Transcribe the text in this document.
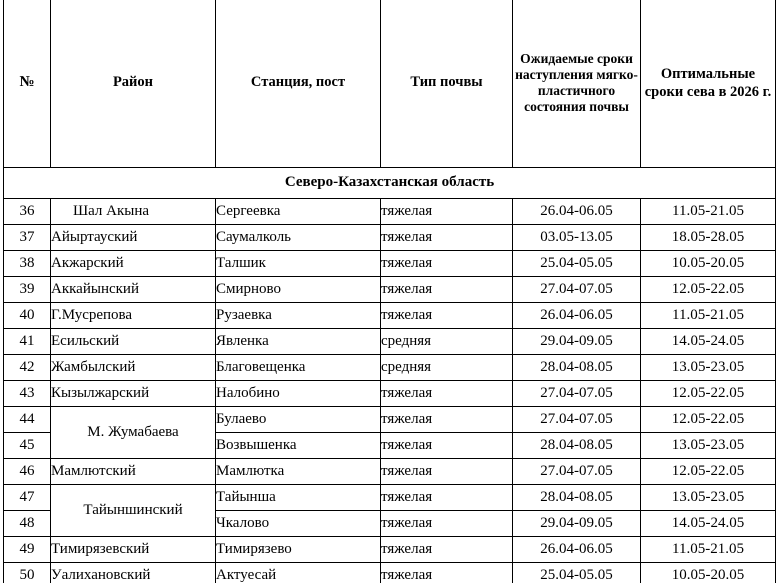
№	Район	Станция, пост	Тип почвы	Ожидаемые сроки наступления мягко-пластичного состояния почвы	Оптимальные сроки сева в 2026 г.
Северо-Казахстанская область					
36	Шал Акына	Сергеевка	тяжелая	26.04-06.05	11.05-21.05
37	Айыртауский	Саумалколь	тяжелая	03.05-13.05	18.05-28.05
38	Акжарский	Талшик	тяжелая	25.04-05.05	10.05-20.05
39	Аккайынский	Смирново	тяжелая	27.04-07.05	12.05-22.05
40	Г.Мусрепова	Рузаевка	тяжелая	26.04-06.05	11.05-21.05
41	Есильский	Явленка	средняя	29.04-09.05	14.05-24.05
42	Жамбылский	Благовещенка	средняя	28.04-08.05	13.05-23.05
43	Кызылжарский	Налобино	тяжелая	27.04-07.05	12.05-22.05
44	М. Жумабаева	Булаево	тяжелая	27.04-07.05	12.05-22.05
45		Возвышенка	тяжелая	28.04-08.05	13.05-23.05
46	Мамлютский	Мамлютка	тяжелая	27.04-07.05	12.05-22.05
47	Тайыншинский	Тайынша	тяжелая	28.04-08.05	13.05-23.05
48		Чкалово	тяжелая	29.04-09.05	14.05-24.05
49	Тимирязевский	Тимирязево	тяжелая	26.04-06.05	11.05-21.05
50	Уалихановский	Актуесай	тяжелая	25.04-05.05	10.05-20.05
